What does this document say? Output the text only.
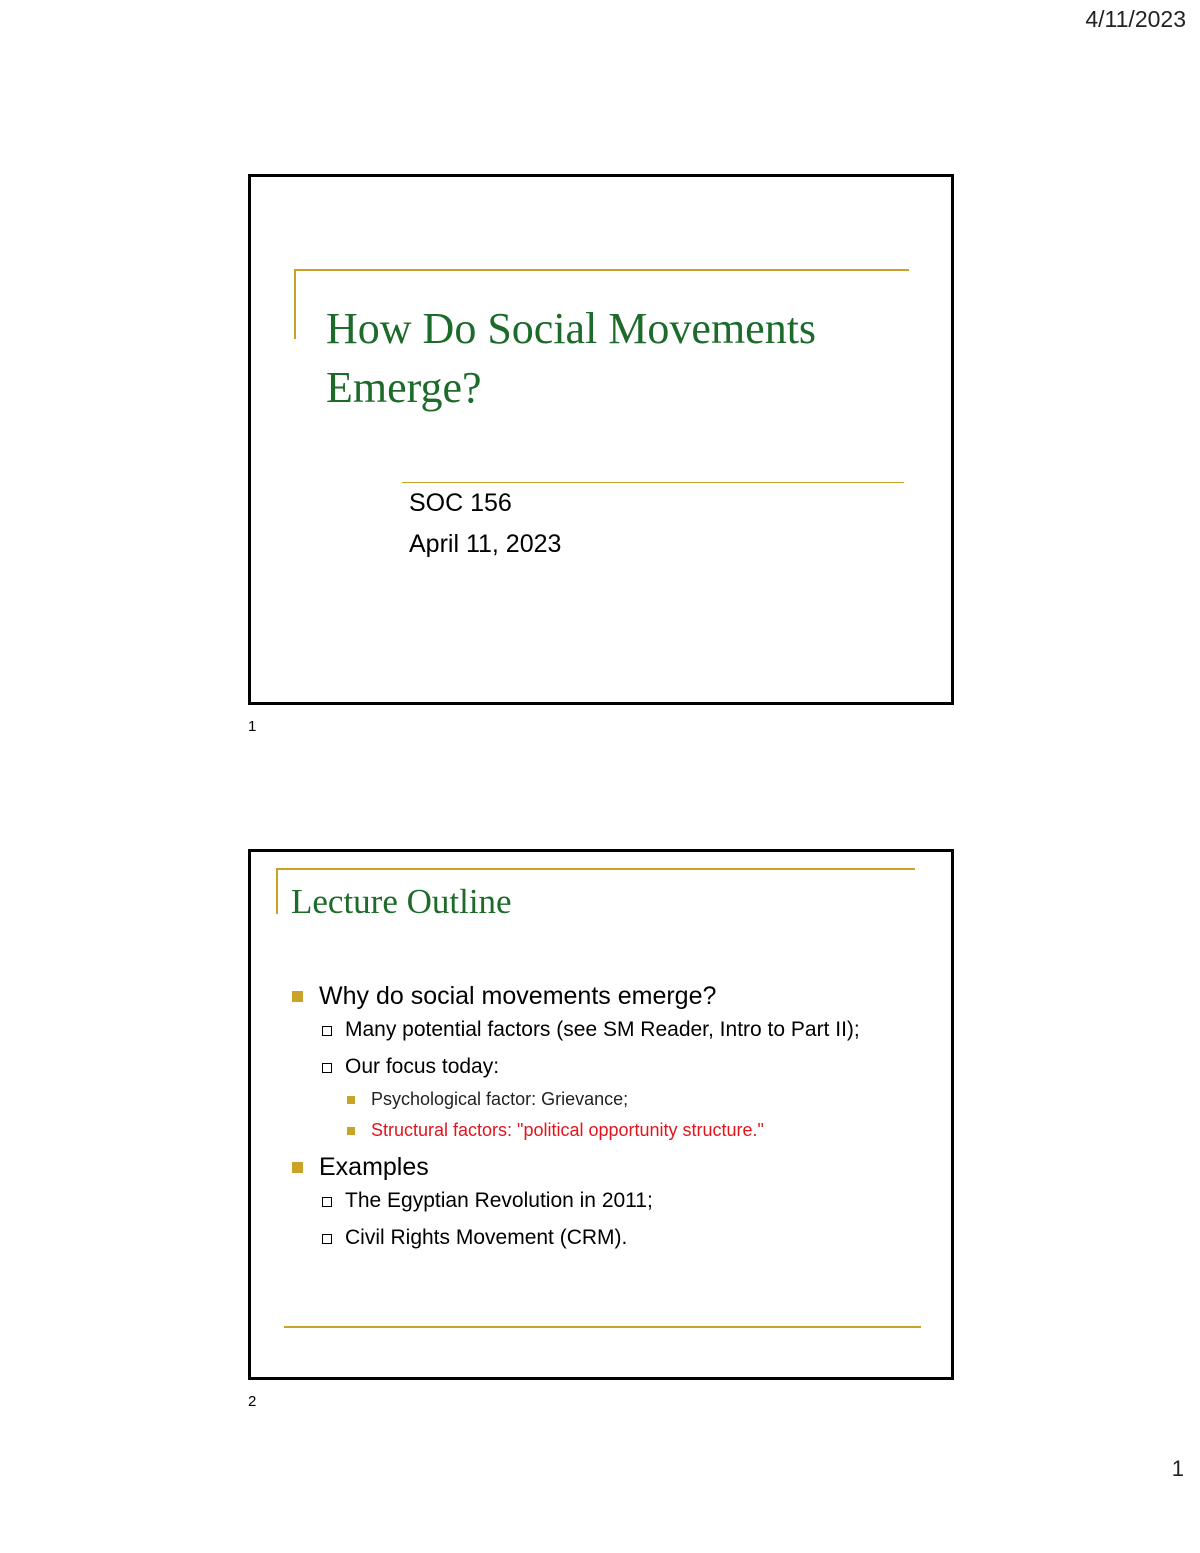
4/11/2023
How Do Social Movements Emerge?
SOC 156
April 11, 2023
1
Lecture Outline
Why do social movements emerge?
Many potential factors (see SM Reader, Intro to Part II);
Our focus today:
Psychological factor: Grievance;
Structural factors: "political opportunity structure."
Examples
The Egyptian Revolution in 2011;
Civil Rights Movement (CRM).
2
1
